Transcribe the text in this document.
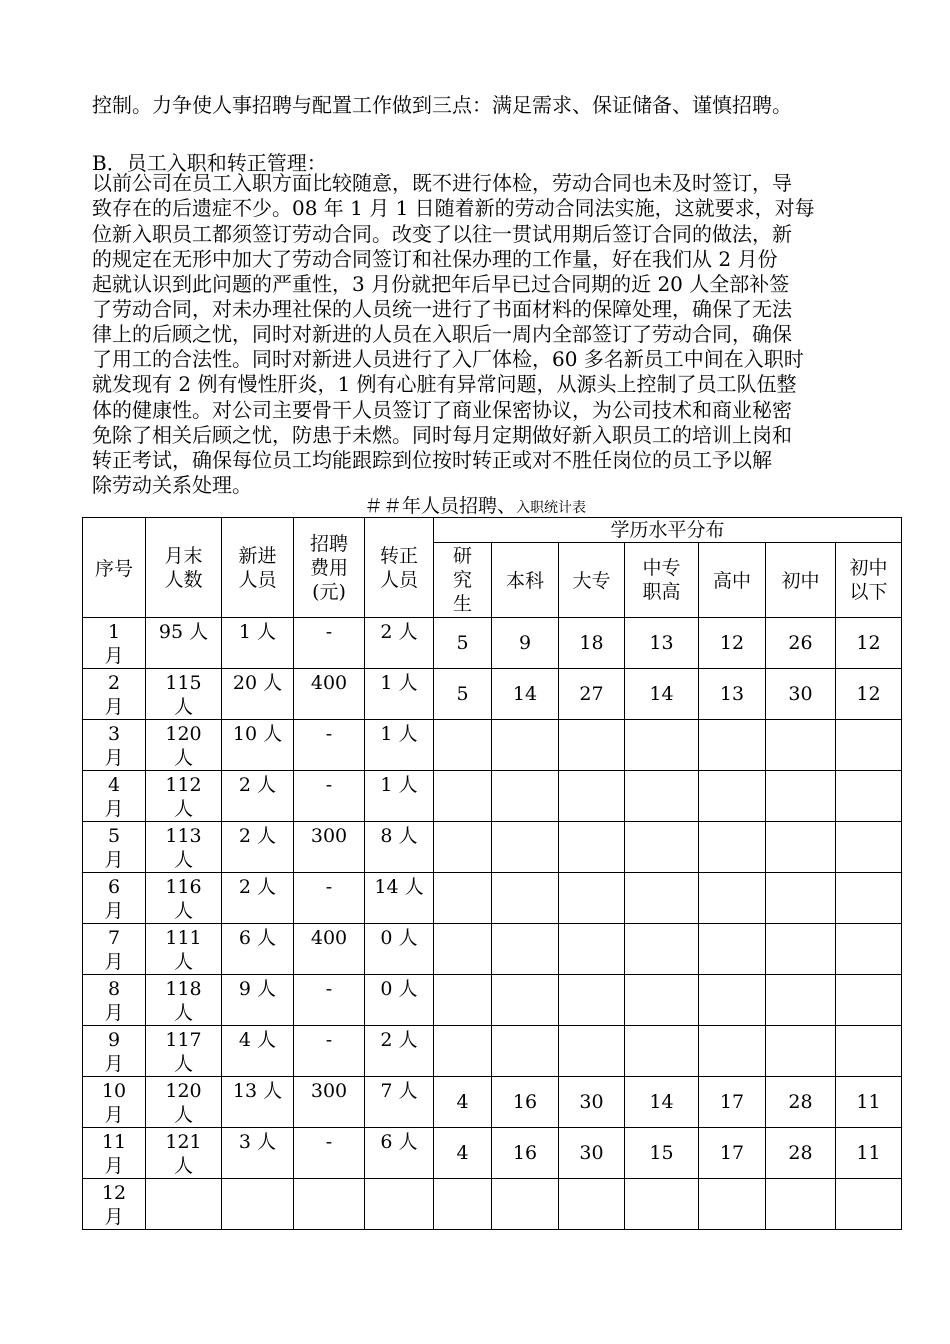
控制。力争使人事招聘与配置工作做到三点：满足需求、保证储备、谨慎招聘。
B．员工入职和转正管理：
以前公司在员工入职方面比较随意，既不进行体检，劳动合同也未及时签订，导
致存在的后遗症不少。08 年 1 月 1 日随着新的劳动合同法实施，这就要求，对每
位新入职员工都须签订劳动合同。改变了以往一贯试用期后签订合同的做法，新
的规定在无形中加大了劳动合同签订和社保办理的工作量，好在我们从 2 月份
起就认识到此问题的严重性，3 月份就把年后早已过合同期的近 20 人全部补签
了劳动合同，对未办理社保的人员统一进行了书面材料的保障处理，确保了无法
律上的后顾之忧，同时对新进的人员在入职后一周内全部签订了劳动合同，确保
了用工的合法性。同时对新进人员进行了入厂体检，60 多名新员工中间在入职时
就发现有 2 例有慢性肝炎，1 例有心脏有异常问题，从源头上控制了员工队伍整
体的健康性。对公司主要骨干人员签订了商业保密协议，为公司技术和商业秘密
免除了相关后顾之忧，防患于未燃。同时每月定期做好新入职员工的培训上岗和
转正考试，确保每位员工均能跟踪到位按时转正或对不胜任岗位的员工予以解
除劳动关系处理。
＃＃年人员招聘、入职统计表
序号	月末人数	新进人员	招聘费用(元)	转正人员	学历水平分布						

					研究生	本科	大专	中专职高	高中	初中	初中以下

1 月	95 人	1 人	-	2 人	5	9	18	13	12	26	12

2 月	115 人	20 人	400	1 人	5	14	27	14	13	30	12

3 月	120 人	10 人	-	1 人							

4 月	112 人	2 人	-	1 人							

5 月	113 人	2 人	300	8 人							

6 月	116 人	2 人	-	14 人							

7 月	111 人	6 人	400	0 人							

8 月	118 人	9 人	-	0 人							

9 月	117 人	4 人	-	2 人							

10 月	120 人	13 人	300	7 人	4	16	30	14	17	28	11

11 月	121 人	3 人	-	6 人	4	16	30	15	17	28	11

12 月											
